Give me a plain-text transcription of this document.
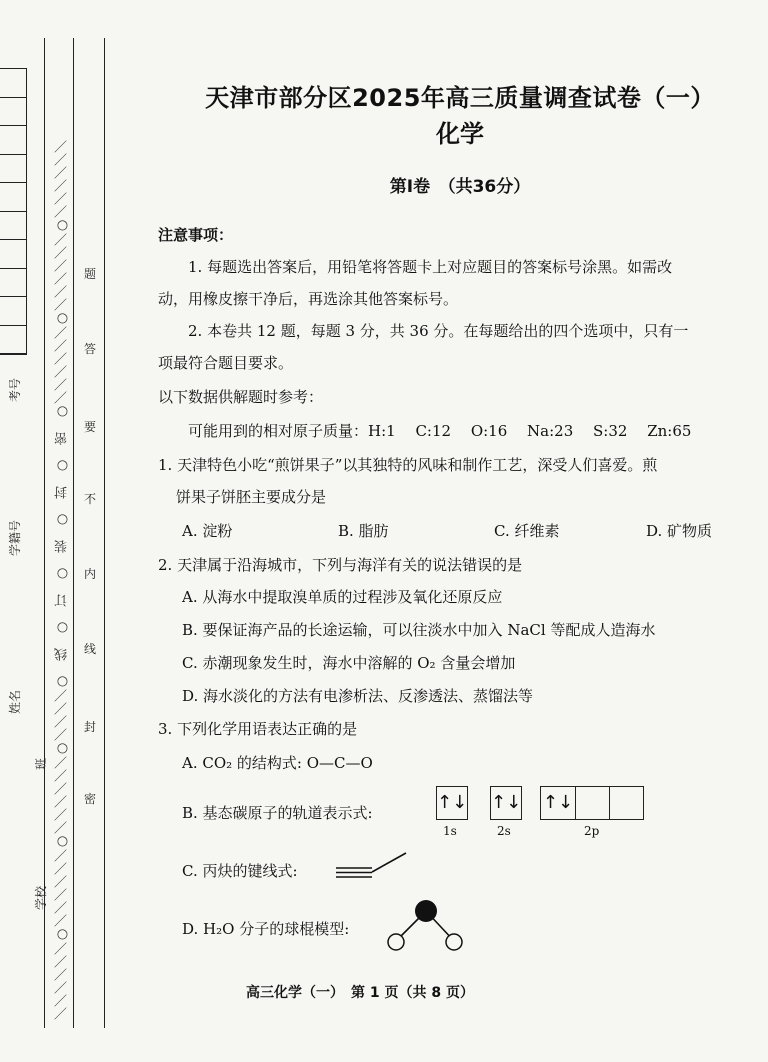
考号
学籍号
姓名
班
学校 ／／／／／／○／／／／／／○／／／／／／○／／／／○　线　○　订　○　装　○　封　○　密　○／／／／／／○／／／／／／○／／／／／／ 题
答
要
不
内
线
封
密
天津市部分区2025年高三质量调查试卷（一）
化学
第Ⅰ卷　（共36分）
注意事项：
1. 每题选出答案后，用铅笔将答题卡上对应题目的答案标号涂黑。如需改
动，用橡皮擦干净后，再选涂其他答案标号。
2. 本卷共 12 题，每题 3 分，共 36 分。在每题给出的四个选项中，只有一
项最符合题目要求。
以下数据供解题时参考：
可能用到的相对原子质量：H:1　 C:12　 O:16　 Na:23　 S:32　 Zn:65
1. 天津特色小吃“煎饼果子”以其独特的风味和制作工艺，深受人们喜爱。煎
饼果子饼胚主要成分是
A. 淀粉	B. 脂肪	C. 纤维素	D. 矿物质
2. 天津属于沿海城市，下列与海洋有关的说法错误的是
A. 从海水中提取溴单质的过程涉及氧化还原反应
B. 要保证海产品的长途运输，可以往淡水中加入 NaCl 等配成人造海水
C. 赤潮现象发生时，海水中溶解的 O₂ 含量会增加
D. 海水淡化的方法有电渗析法、反渗透法、蒸馏法等
3. 下列化学用语表达正确的是
A. CO₂ 的结构式: O—C—O
B. 基态碳原子的轨道表示式:	↑↓ ↑↓ ↑↓
1s	2s	2p
C. 丙炔的键线式:
D. H₂O 分子的球棍模型:
高三化学（一）　第 1 页（共 8 页）
